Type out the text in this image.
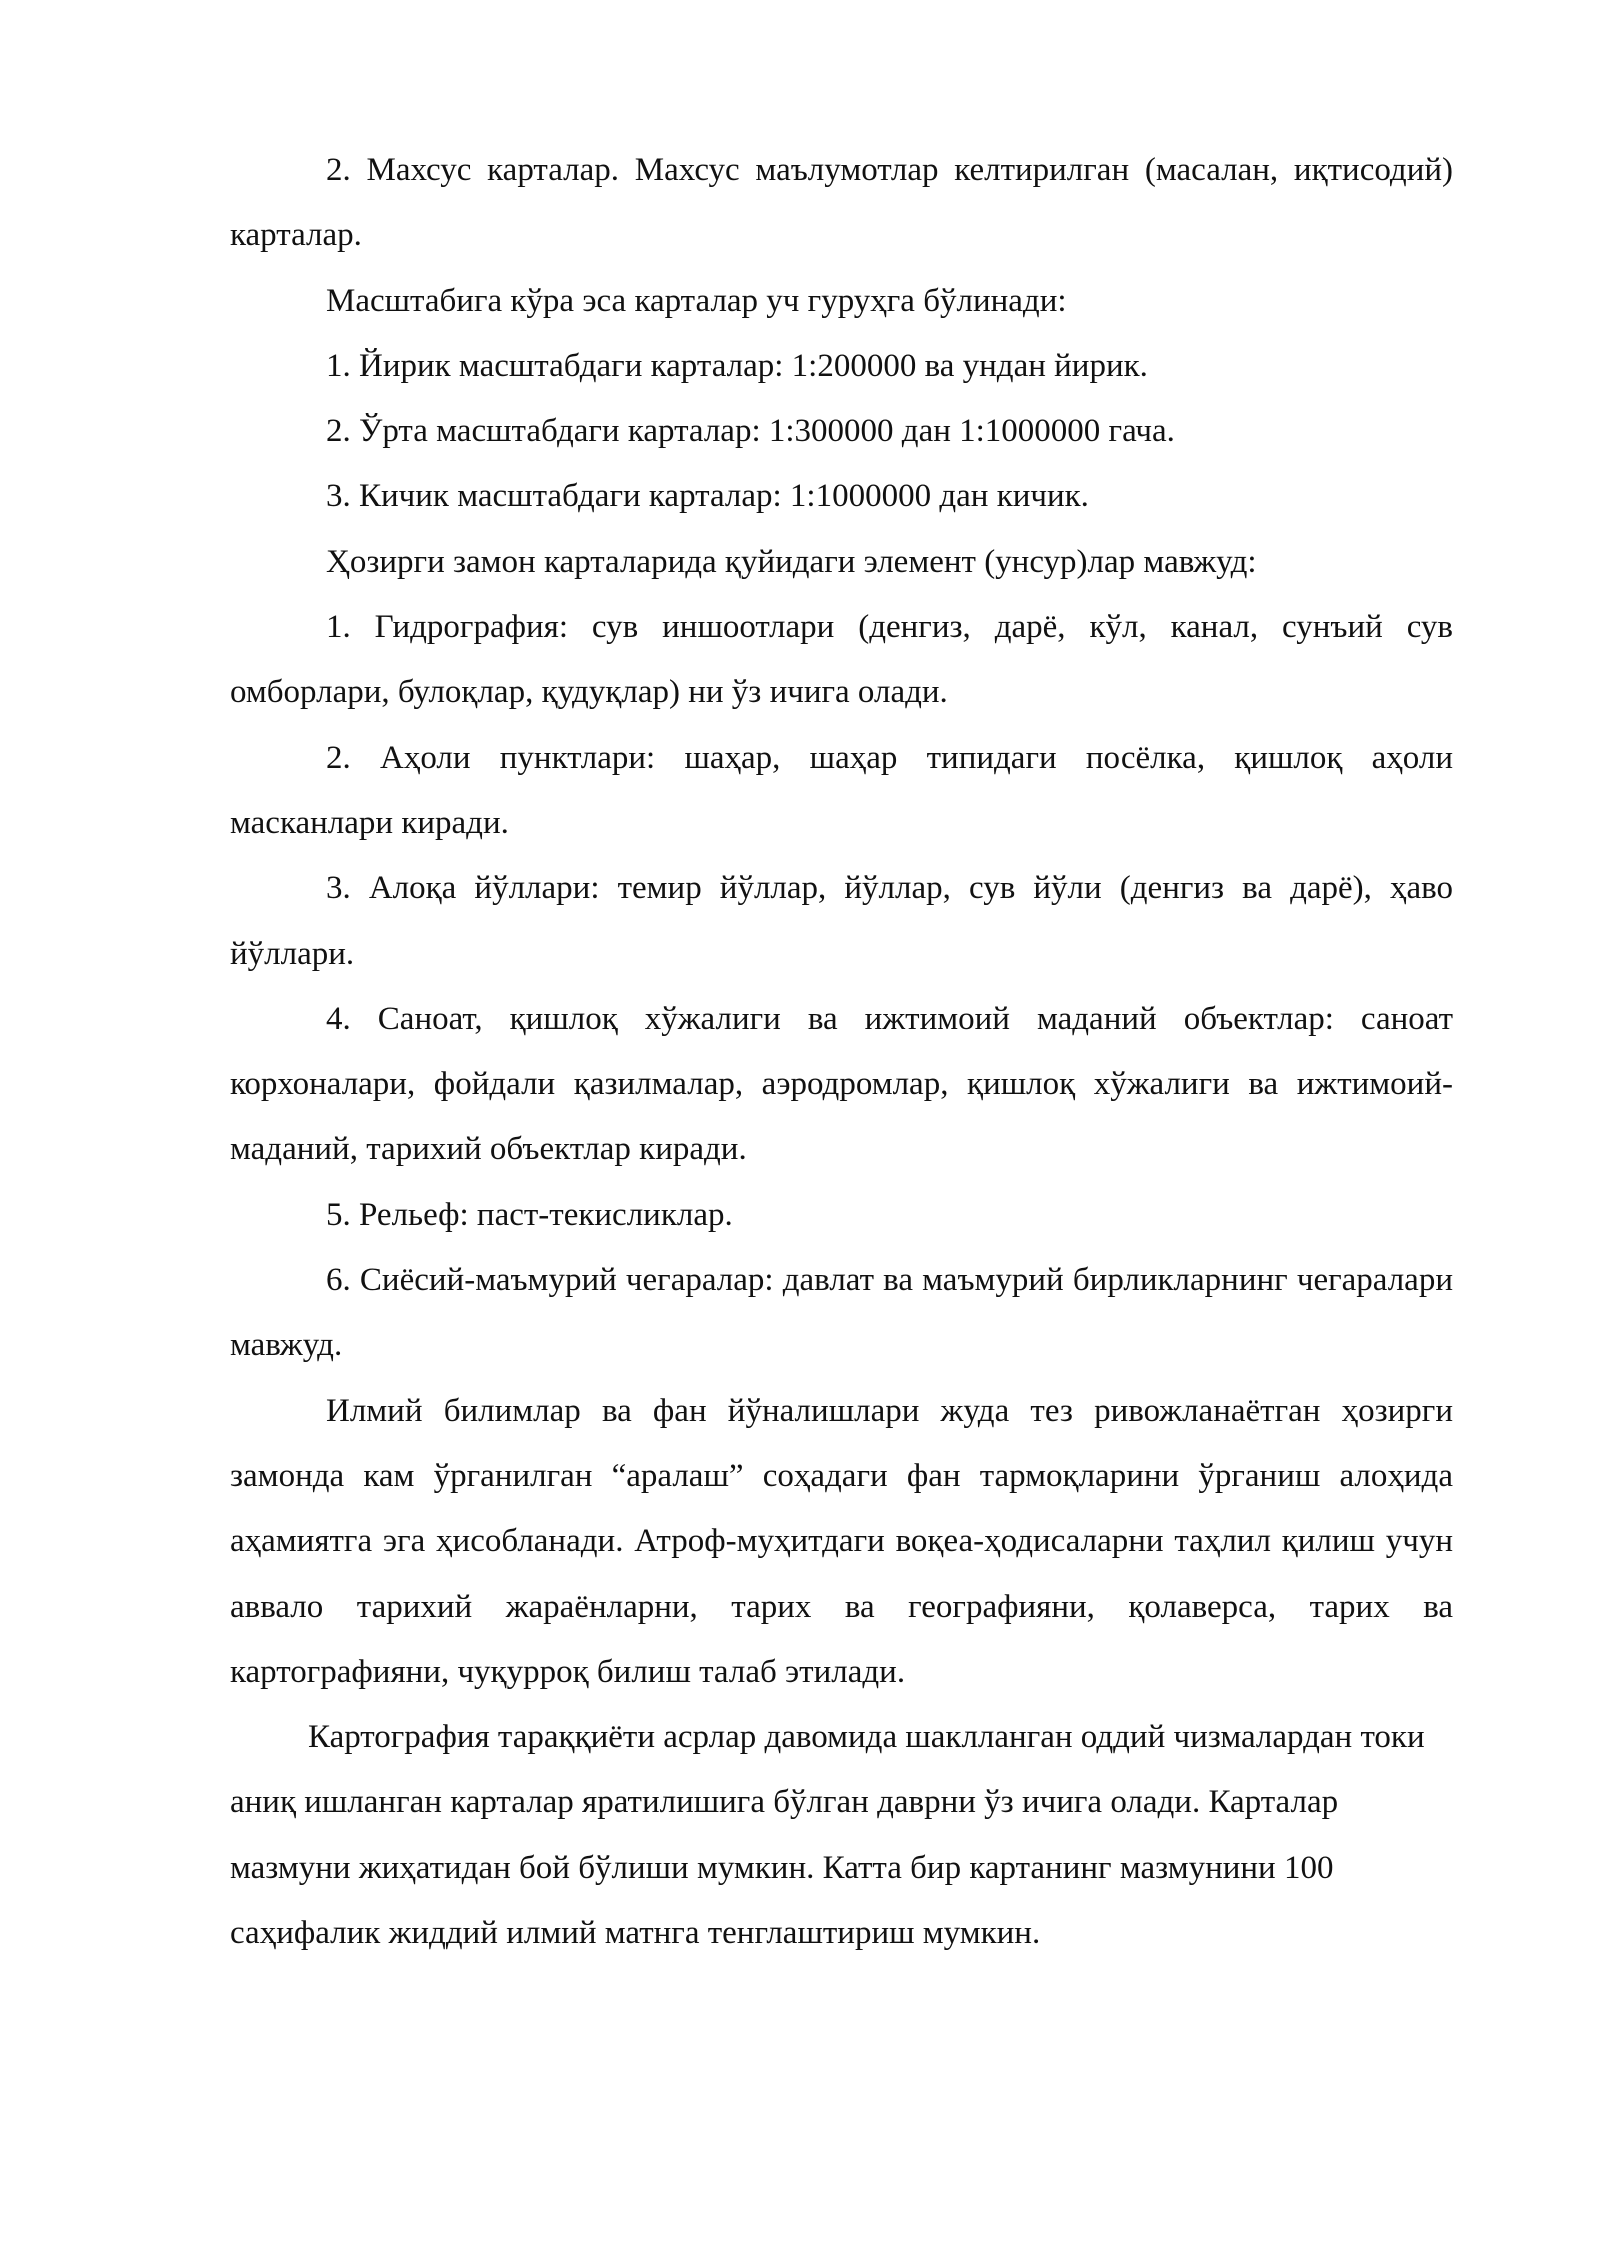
2. Махсус карталар. Махсус маълумотлар келтирилган (масалан, иқтисодий) карталар.

Масштабига кўра эса карталар уч гуруҳга бўлинади:

1. Йирик масштабдаги карталар: 1:200000 ва ундан йирик.

2. Ўрта масштабдаги карталар: 1:300000 дан 1:1000000 гача.

3. Кичик масштабдаги карталар: 1:1000000 дан кичик.

Ҳозирги замон карталарида қуйидаги элемент (унсур)лар мавжуд:

1. Гидрография: сув иншоотлари (денгиз, дарё, кўл, канал, сунъий сув омборлари, булоқлар, қудуқлар) ни ўз ичига олади.

2. Аҳоли пунктлари: шаҳар, шаҳар типидаги посёлка, қишлоқ аҳоли масканлари киради.

3. Алоқа йўллари: темир йўллар, йўллар, сув йўли (денгиз ва дарё), ҳаво йўллари.

4. Саноат, қишлоқ хўжалиги ва ижтимоий маданий объектлар: саноат корхоналари, фойдали қазилмалар, аэродромлар, қишлоқ хўжалиги ва ижтимоий-маданий, тарихий объектлар киради.

5. Рельеф: паст-текисликлар.

6. Сиёсий-маъмурий чегаралар: давлат ва маъмурий бирликларнинг чегаралари мавжуд.

Илмий билимлар ва фан йўналишлари жуда тез ривожланаётган ҳозирги замонда кам ўрганилган “аралаш” соҳадаги фан тармоқларини ўрганиш алоҳида аҳамиятга эга ҳисобланади. Атроф-муҳитдаги воқеа-ҳодисаларни таҳлил қилиш учун аввало тарихий жараёнларни, тарих ва географияни, қолаверса, тарих ва картографияни, чуқурроқ билиш талаб этилади.

Картография тараққиёти асрлар давомида шаклланган оддий чизмалардан токи аниқ ишланган карталар яратилишига бўлган даврни ўз ичига олади. Карталар мазмуни жиҳатидан бой бўлиши мумкин. Катта бир картанинг мазмунини 100 саҳифалик жиддий илмий матнга тенглаштириш мумкин.
